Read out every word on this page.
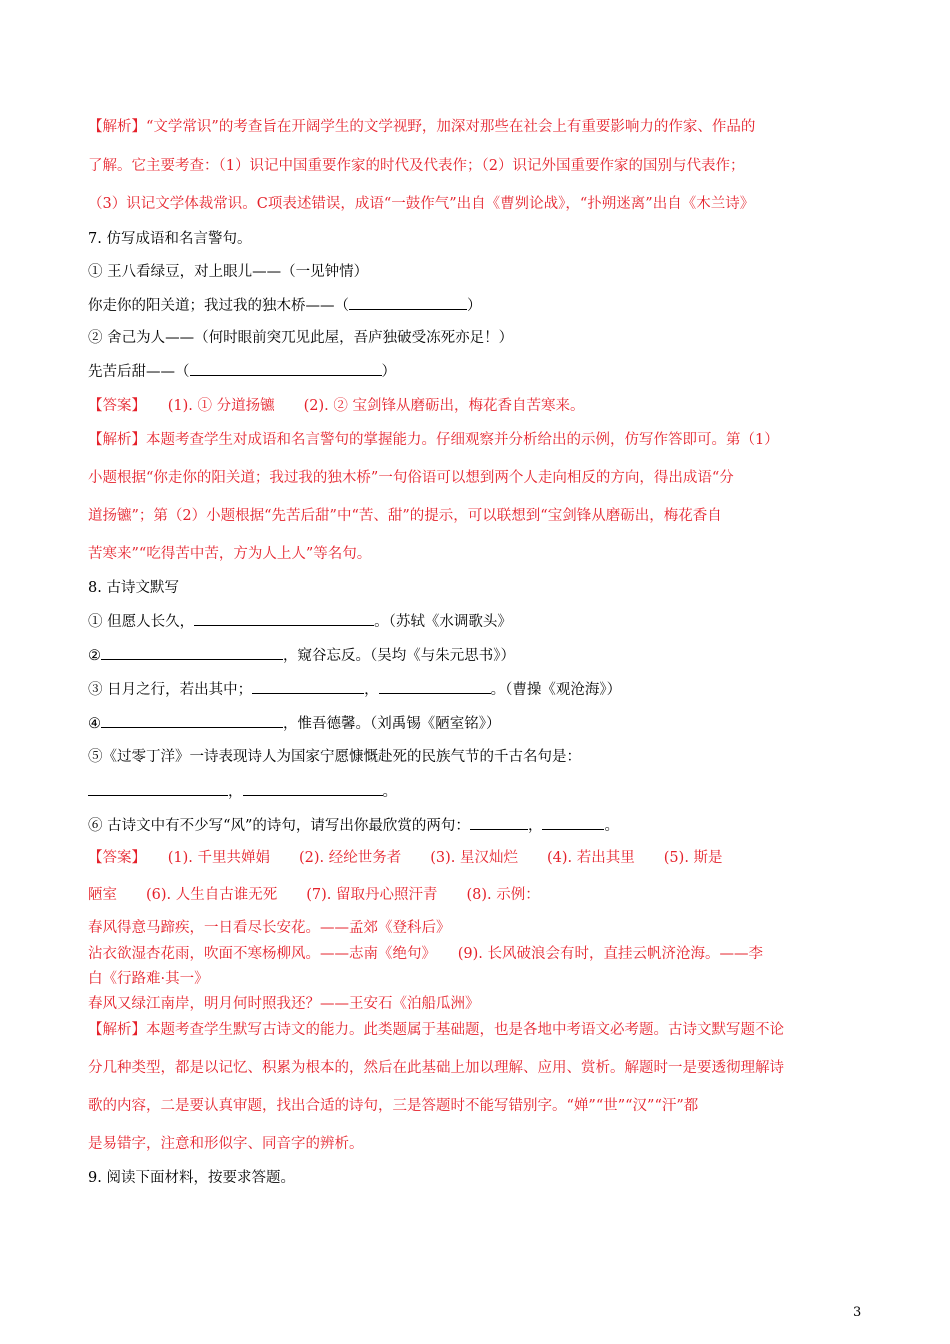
【解析】“文学常识”的考查旨在开阔学生的文学视野，加深对那些在社会上有重要影响力的作家、作品的
了解。它主要考查：（1）识记中国重要作家的时代及代表作；（2）识记外国重要作家的国别与代表作；
（3）识记文学体裁常识。C项表述错误，成语“一鼓作气”出自《曹刿论战》，“扑朔迷离”出自《木兰诗》
7. 仿写成语和名言警句。
① 王八看绿豆，对上眼儿——（一见钟情）
你走你的阳关道；我过我的独木桥——（	）
② 舍己为人——（何时眼前突兀见此屋，吾庐独破受冻死亦足！）
先苦后甜——（	）
【答案】　　(1). ① 分道扬镳　　(2). ② 宝剑锋从磨砺出，梅花香自苦寒来。
【解析】本题考查学生对成语和名言警句的掌握能力。仔细观察并分析给出的示例，仿写作答即可。第（1）
小题根据“你走你的阳关道；我过我的独木桥”一句俗语可以想到两个人走向相反的方向，得出成语“分
道扬镳”；第（2）小题根据“先苦后甜”中“苦、甜”的提示，可以联想到“宝剑锋从磨砺出，梅花香自
苦寒来”“吃得苦中苦，方为人上人”等名句。
8. 古诗文默写
① 但愿人长久，	。（苏轼《水调歌头》
②	，窥谷忘反。（吴均《与朱元思书》）
③ 日月之行，若出其中；	，	。（曹操《观沧海》）
④	，惟吾德馨。（刘禹锡《陋室铭》）
⑤《过零丁洋》一诗表现诗人为国家宁愿慷慨赴死的民族气节的千古名句是：
，	。
⑥ 古诗文中有不少写“风”的诗句，请写出你最欣赏的两句：	，	。
【答案】　　(1). 千里共婵娟　　(2). 经纶世务者　　(3). 星汉灿烂　　(4). 若出其里　　(5). 斯是
陋室　　(6). 人生自古谁无死　　(7). 留取丹心照汗青　　(8). 示例：
春风得意马蹄疾，一日看尽长安花。——孟郊《登科后》
沾衣欲湿杏花雨，吹面不寒杨柳风。——志南《绝句》　　(9). 长风破浪会有时，直挂云帆济沧海。——李
白《行路难·其一》
春风又绿江南岸，明月何时照我还？——王安石《泊船瓜洲》
【解析】本题考查学生默写古诗文的能力。此类题属于基础题，也是各地中考语文必考题。古诗文默写题不论
分几种类型，都是以记忆、积累为根本的，然后在此基础上加以理解、应用、赏析。解题时一是要透彻理解诗
歌的内容，二是要认真审题，找出合适的诗句，三是答题时不能写错别字。“婵”“世”“汉”“汗”都
是易错字，注意和形似字、同音字的辨析。
9. 阅读下面材料，按要求答题。
3
